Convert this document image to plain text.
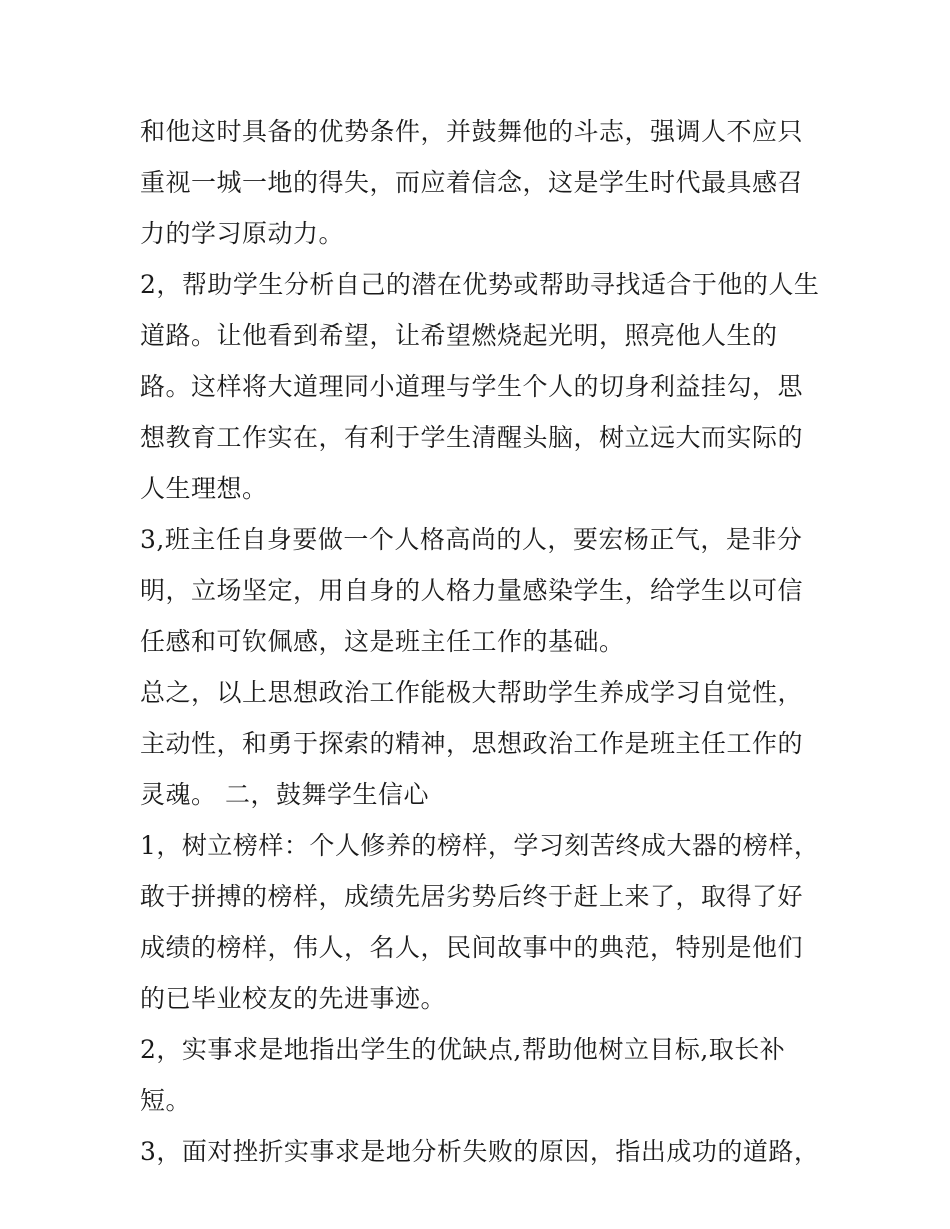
和他这时具备的优势条件，并鼓舞他的斗志，强调人不应只重视一城一地的得失，而应着信念，这是学生时代最具感召力的学习原动力。

2，帮助学生分析自己的潜在优势或帮助寻找适合于他的人生道路。让他看到希望，让希望燃烧起光明，照亮他人生的路。这样将大道理同小道理与学生个人的切身利益挂勾，思想教育工作实在，有利于学生清醒头脑，树立远大而实际的人生理想。

3,班主任自身要做一个人格高尚的人，要宏杨正气，是非分明，立场坚定，用自身的人格力量感染学生，给学生以可信任感和可钦佩感，这是班主任工作的基础。

总之，以上思想政治工作能极大帮助学生养成学习自觉性，主动性，和勇于探索的精神，思想政治工作是班主任工作的灵魂。 二，鼓舞学生信心

1，树立榜样：个人修养的榜样，学习刻苦终成大器的榜样，敢于拼搏的榜样，成绩先居劣势后终于赶上来了，取得了好成绩的榜样，伟人，名人，民间故事中的典范，特别是他们的已毕业校友的先进事迹。

2，实事求是地指出学生的优缺点,帮助他树立目标,取长补短。

3，面对挫折实事求是地分析失败的原因，指出成功的道路，
